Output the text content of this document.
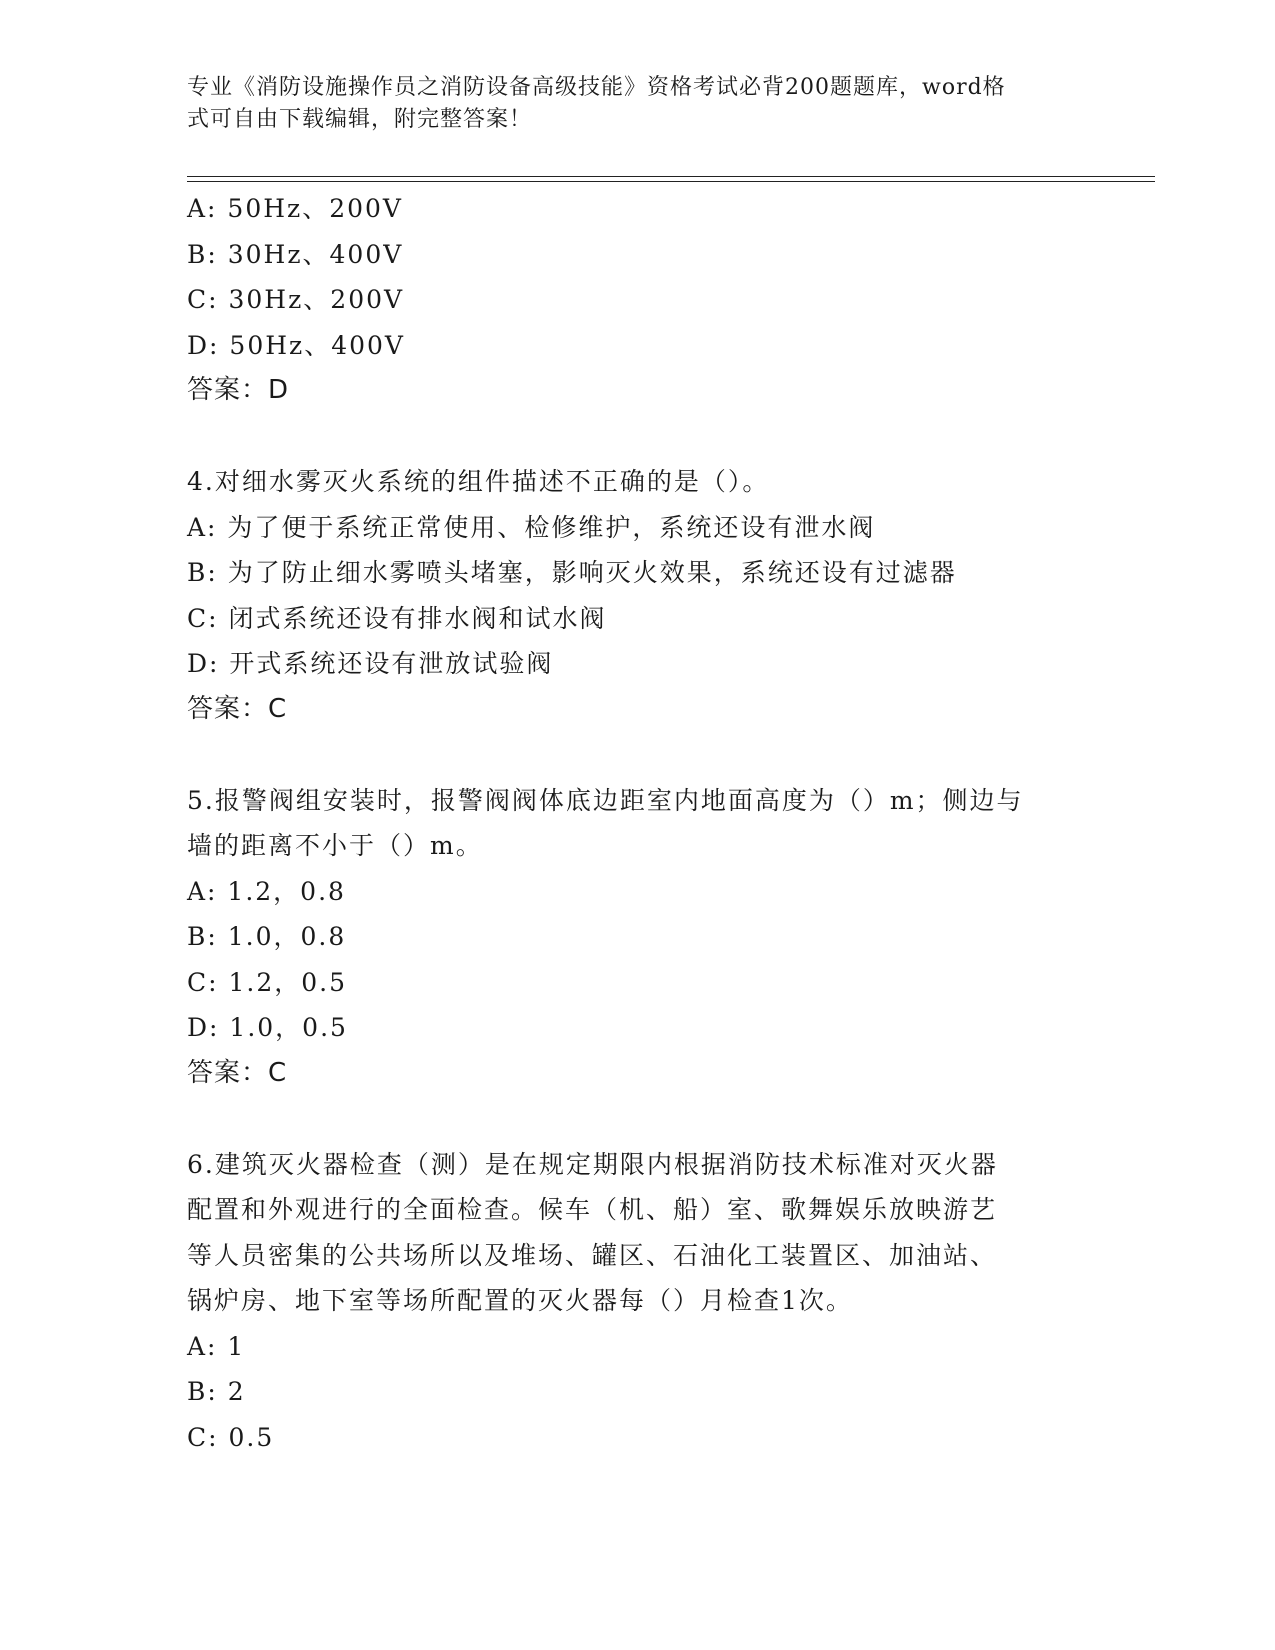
专业《消防设施操作员之消防设备高级技能》资格考试必背200题题库，word格
式可自由下载编辑，附完整答案！
A: 50Hz、200V
B: 30Hz、400V
C: 30Hz、200V
D: 50Hz、400V
答案：D
4.对细水雾灭火系统的组件描述不正确的是（）。
A: 为了便于系统正常使用、检修维护，系统还设有泄水阀
B: 为了防止细水雾喷头堵塞，影响灭火效果，系统还设有过滤器
C: 闭式系统还设有排水阀和试水阀
D: 开式系统还设有泄放试验阀
答案：C
5.报警阀组安装时，报警阀阀体底边距室内地面高度为（）m；侧边与
墙的距离不小于（）m。
A: 1.2，0.8
B: 1.0，0.8
C: 1.2，0.5
D: 1.0，0.5
答案：C
6.建筑灭火器检查（测）是在规定期限内根据消防技术标准对灭火器
配置和外观进行的全面检查。候车（机、船）室、歌舞娱乐放映游艺
等人员密集的公共场所以及堆场、罐区、石油化工装置区、加油站、
锅炉房、地下室等场所配置的灭火器每（）月检查1次。
A: 1
B: 2
C: 0.5
